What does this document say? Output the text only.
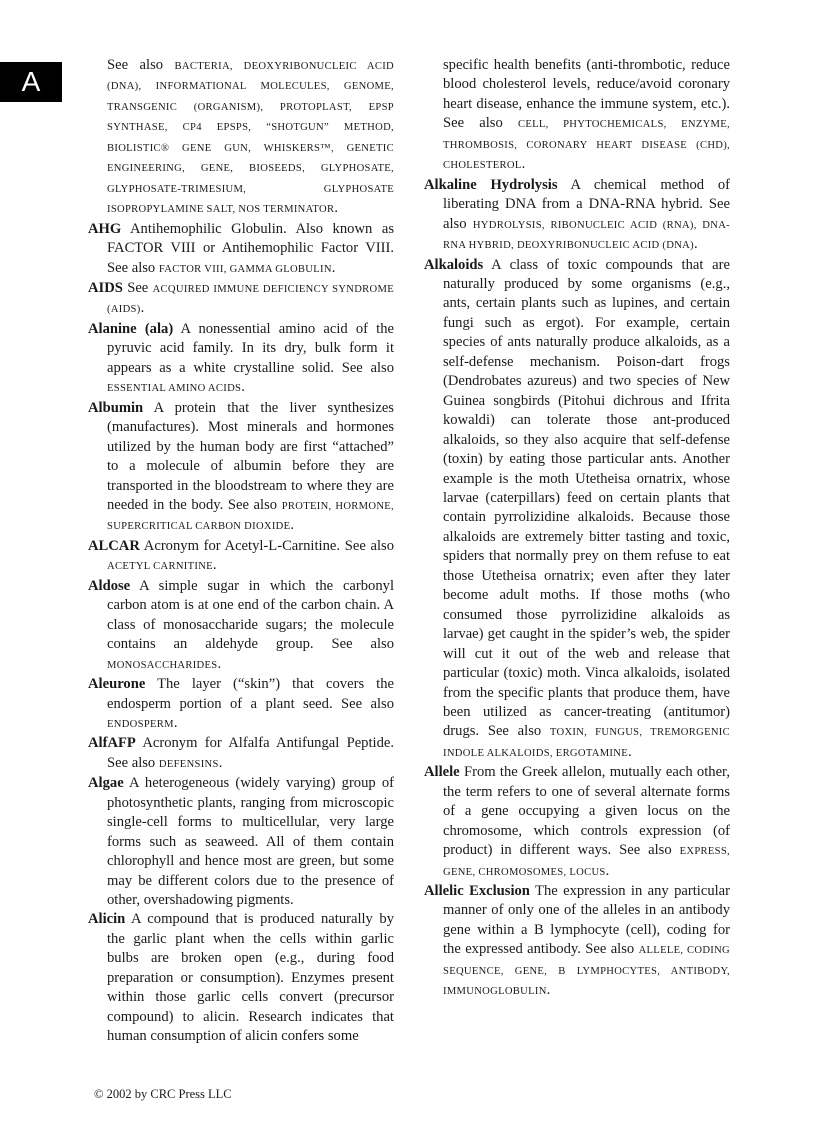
A

See also BACTERIA, DEOXYRIBONUCLEIC ACID (DNA), INFORMATIONAL MOLECULES, GENOME, TRANSGENIC (ORGANISM), PROTOPLAST, EPSP SYNTHASE, CP4 EPSPS, “SHOTGUN” METHOD, BIOLISTIC® GENE GUN, WHISKERS™, GENETIC ENGINEERING, GENE, BIOSEEDS, GLYPHOSATE, GLYPHOSATE-TRIMESIUM, GLYPHOSATE ISOPROPYLAMINE SALT, NOS TERMINATOR.

AHG Antihemophilic Globulin. Also known as FACTOR VIII or Antihemophilic Factor VIII. See also FACTOR VIII, GAMMA GLOBULIN.

AIDS See ACQUIRED IMMUNE DEFICIENCY SYNDROME (AIDS).

Alanine (ala) A nonessential amino acid of the pyruvic acid family. In its dry, bulk form it appears as a white crystalline solid. See also ESSENTIAL AMINO ACIDS.

Albumin A protein that the liver synthesizes (manufactures). Most minerals and hormones utilized by the human body are first “attached” to a molecule of albumin before they are transported in the bloodstream to where they are needed in the body. See also PROTEIN, HORMONE, SUPERCRITICAL CARBON DIOXIDE.

ALCAR Acronym for Acetyl-L-Carnitine. See also ACETYL CARNITINE.

Aldose A simple sugar in which the carbonyl carbon atom is at one end of the carbon chain. A class of monosaccharide sugars; the molecule contains an aldehyde group. See also MONOSACCHARIDES.

Aleurone The layer (“skin”) that covers the endosperm portion of a plant seed. See also ENDOSPERM.

AlfAFP Acronym for Alfalfa Antifungal Peptide. See also DEFENSINS.

Algae A heterogeneous (widely varying) group of photosynthetic plants, ranging from microscopic single-cell forms to multicellular, very large forms such as seaweed. All of them contain chlorophyll and hence most are green, but some may be different colors due to the presence of other, overshadowing pigments.

Alicin A compound that is produced naturally by the garlic plant when the cells within garlic bulbs are broken open (e.g., during food preparation or consumption). Enzymes present within those garlic cells convert (precursor compound) to alicin. Research indicates that human consumption of alicin confers some

specific health benefits (anti-thrombotic, reduce blood cholesterol levels, reduce/avoid coronary heart disease, enhance the immune system, etc.). See also CELL, PHYTOCHEMICALS, ENZYME, THROMBOSIS, CORONARY HEART DISEASE (CHD), CHOLESTEROL.

Alkaline Hydrolysis A chemical method of liberating DNA from a DNA-RNA hybrid. See also HYDROLYSIS, RIBONUCLEIC ACID (RNA), DNA-RNA HYBRID, DEOXYRIBONUCLEIC ACID (DNA).

Alkaloids A class of toxic compounds that are naturally produced by some organisms (e.g., ants, certain plants such as lupines, and certain fungi such as ergot). For example, certain species of ants naturally produce alkaloids, as a self-defense mechanism. Poison-dart frogs (Dendrobates azureus) and two species of New Guinea songbirds (Pitohui dichrous and Ifrita kowaldi) can tolerate those ant-produced alkaloids, so they also acquire that self-defense (toxin) by eating those particular ants. Another example is the moth Utetheisa ornatrix, whose larvae (caterpillars) feed on certain plants that contain pyrrolizidine alkaloids. Because those alkaloids are extremely bitter tasting and toxic, spiders that normally prey on them refuse to eat those Utetheisa ornatrix; even after they later become adult moths. If those moths (who consumed those pyrrolizidine alkaloids as larvae) get caught in the spider’s web, the spider will cut it out of the web and release that particular (toxic) moth. Vinca alkaloids, isolated from the specific plants that produce them, have been utilized as cancer-treating (antitumor) drugs. See also TOXIN, FUNGUS, TREMORGENIC INDOLE ALKALOIDS, ERGOTAMINE.

Allele From the Greek allelon, mutually each other, the term refers to one of several alternate forms of a gene occupying a given locus on the chromosome, which controls expression (of product) in different ways. See also EXPRESS, GENE, CHROMOSOMES, LOCUS.

Allelic Exclusion The expression in any particular manner of only one of the alleles in an antibody gene within a B lymphocyte (cell), coding for the expressed antibody. See also ALLELE, CODING SEQUENCE, GENE, B LYMPHOCYTES, ANTIBODY, IMMUNOGLOBULIN.

© 2002 by CRC Press LLC
